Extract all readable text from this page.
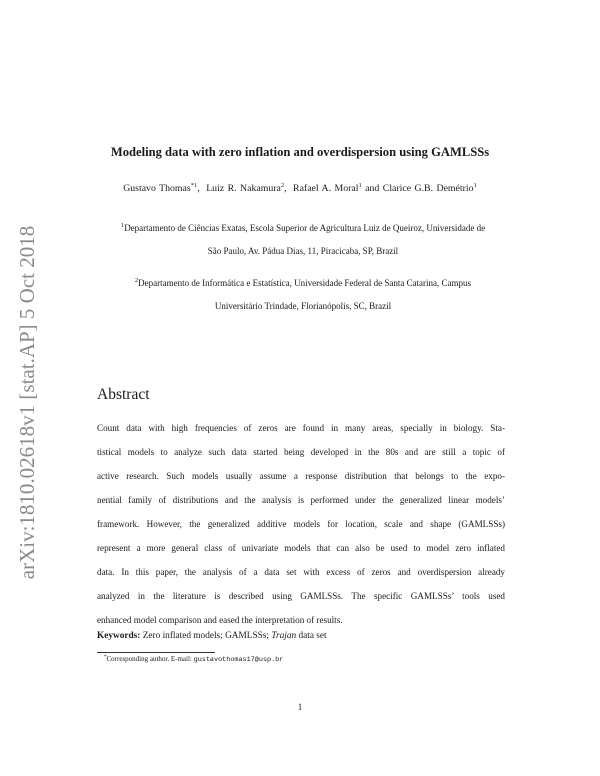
arXiv:1810.02618v1 [stat.AP] 5 Oct 2018
Modeling data with zero inflation and overdispersion using GAMLSSs
Gustavo Thomas$^{*1}$, Luiz R. Nakamura$^2$, Rafael A. Moral$^1$ and Clarice G.B. Demétrio$^1$
$^1$Departamento de Ciências Exatas, Escola Superior de Agricultura Luiz de Queiroz, Universidade de
São Paulo, Av. Pádua Dias, 11, Piracicaba, SP, Brazil
$^2$Departamento de Informática e Estatística, Universidade Federal de Santa Catarina, Campus
Universitário Trindade, Florianópolis, SC, Brazil
Abstract
Count data with high frequencies of zeros are found in many areas, specially in biology. Sta-
tistical models to analyze such data started being developed in the 80s and are still a topic of
active research. Such models usually assume a response distribution that belongs to the expo-
nential family of distributions and the analysis is performed under the generalized linear models’
framework. However, the generalized additive models for location, scale and shape (GAMLSSs)
represent a more general class of univariate models that can also be used to model zero inflated
data. In this paper, the analysis of a data set with excess of zeros and overdispersion already
analyzed in the literature is described using GAMLSSs. The specific GAMLSSs’ tools used
enhanced model comparison and eased the interpretation of results.
Keywords: Zero inflated models; GAMLSSs; Trajan data set
*Corresponding author. E-mail: gustavothomas17@usp.br
1
